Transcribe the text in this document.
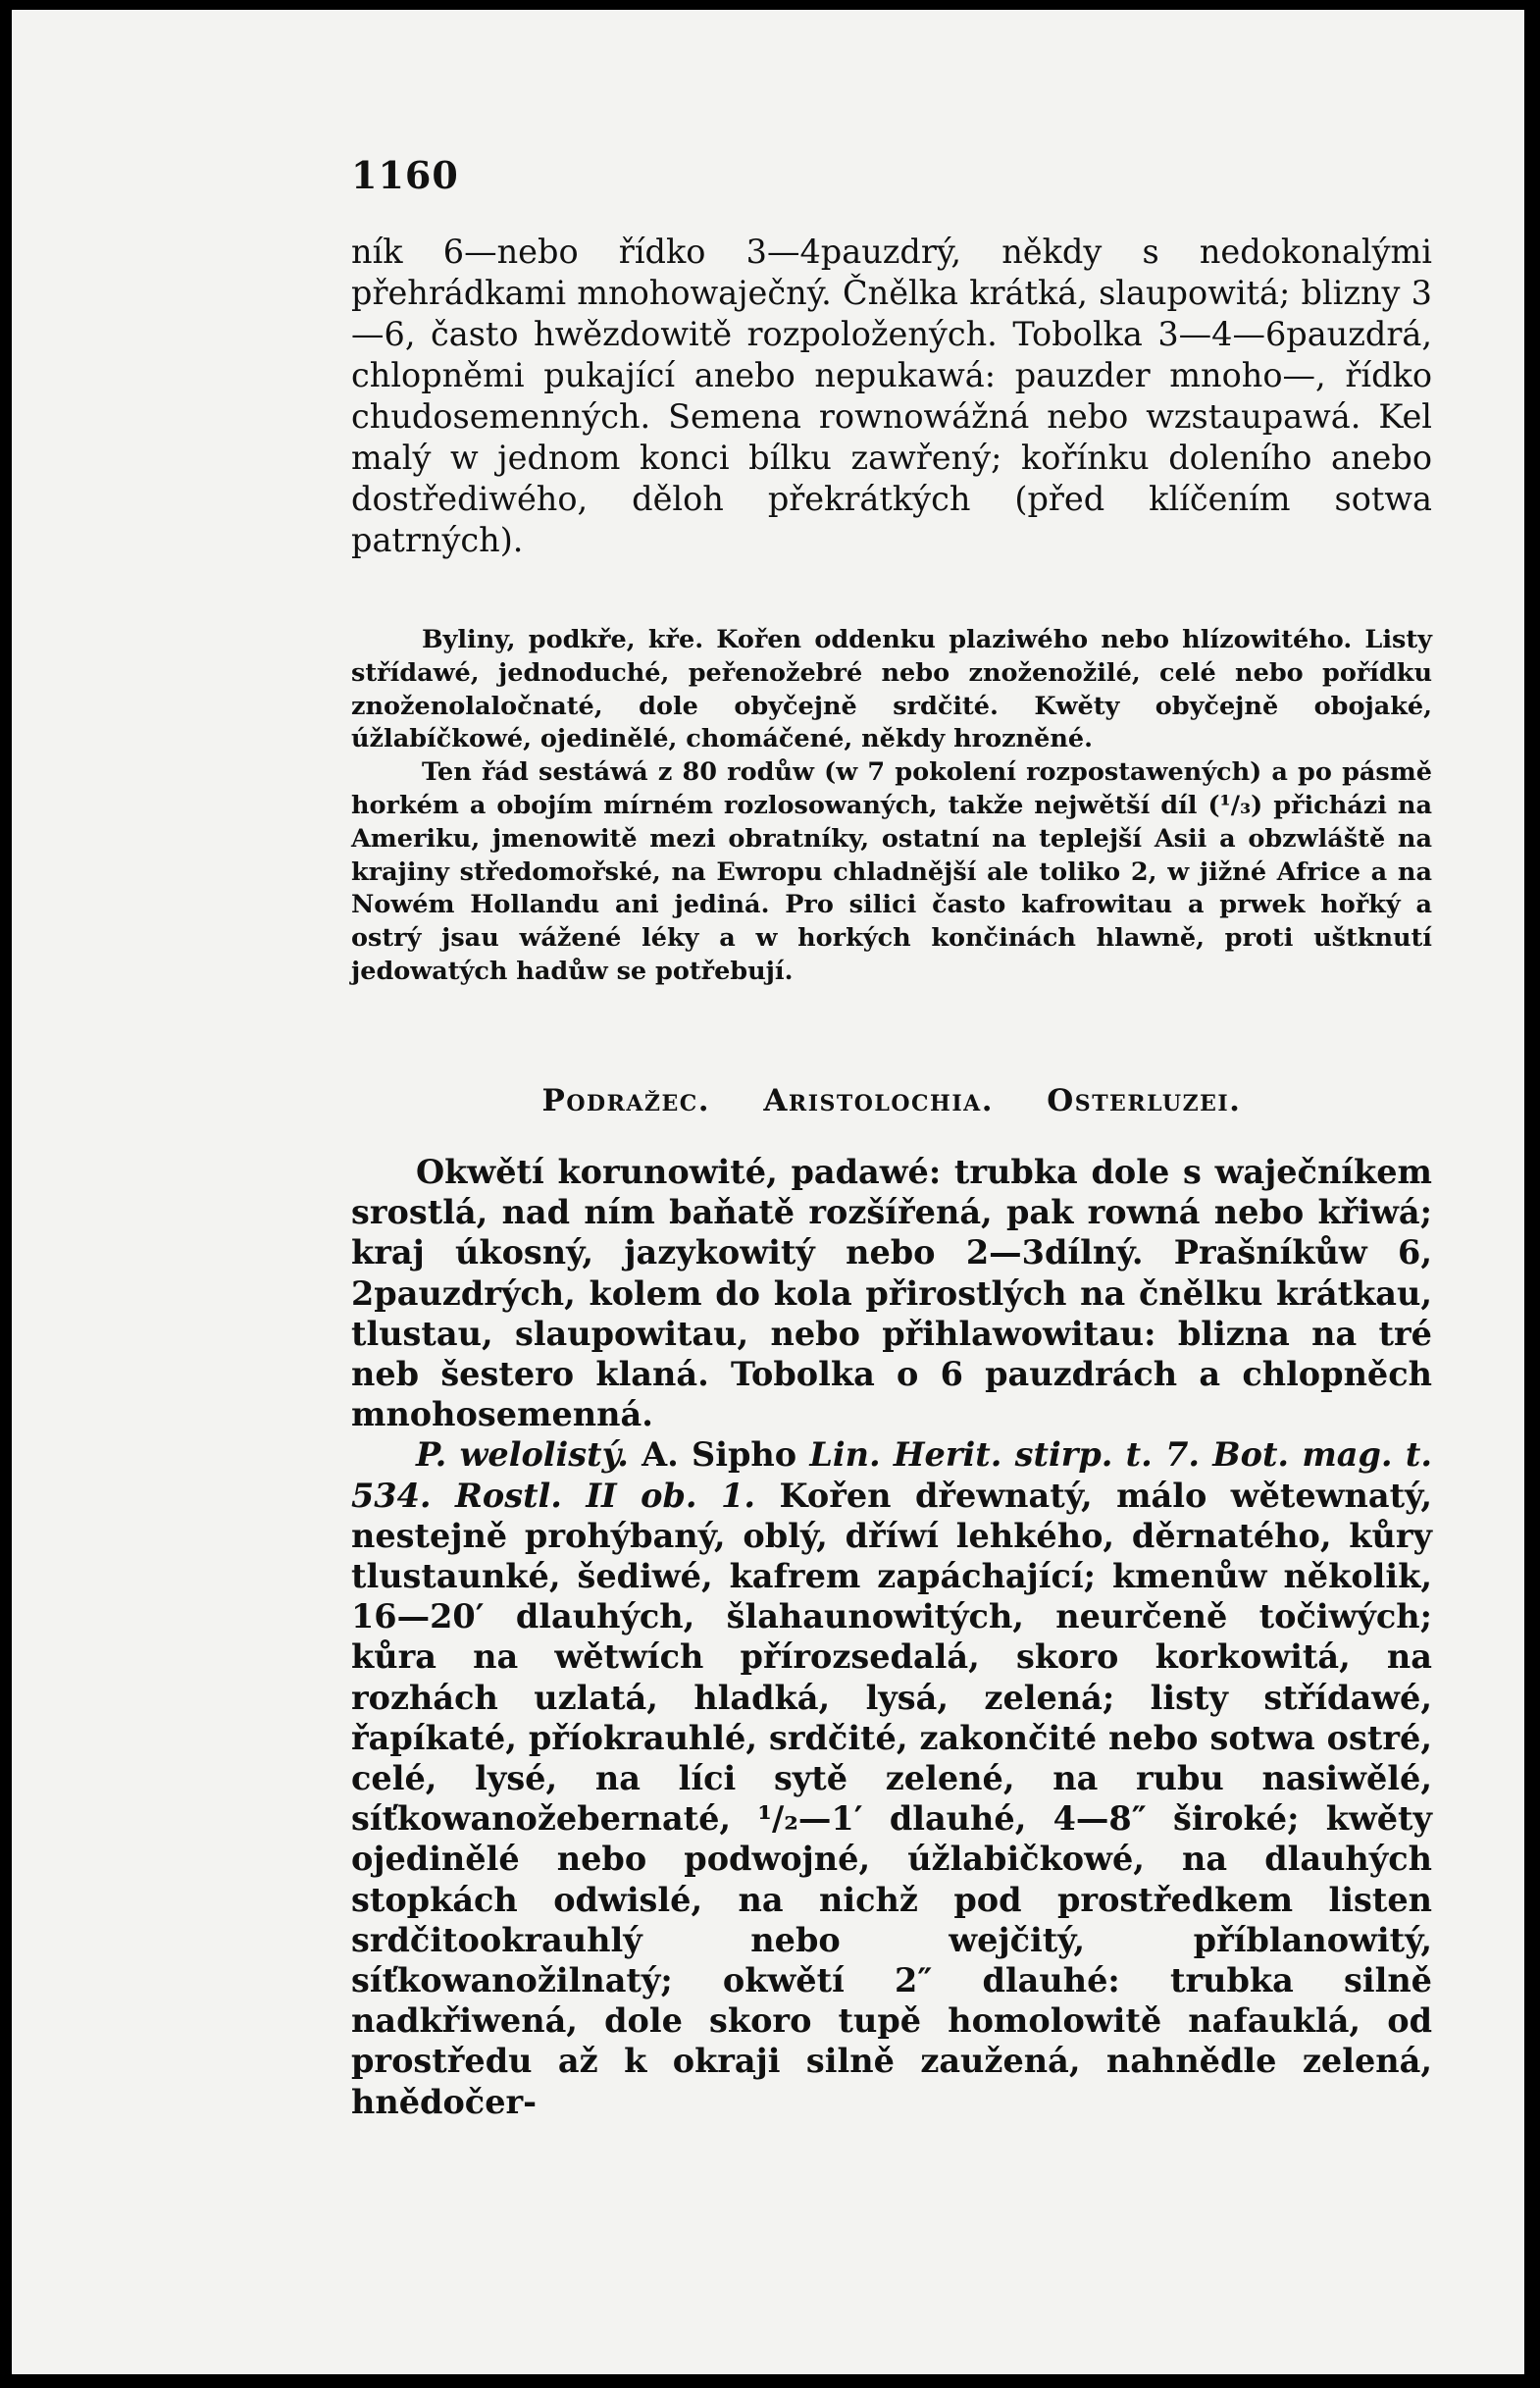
1160
ník 6—nebo řídko 3—4pauzdrý, někdy s nedokonalými přehrádkami mnohowaječný. Čnělka krátká, slaupowitá; blizny 3—6, často hwězdowitě rozpoložených. Tobolka 3—4—6pauzdrá, chlopněmi pukající anebo nepukawá: pauzder mnoho—, řídko chudosemenných. Semena rownowážná nebo wzstaupawá. Kel malý w jednom konci bílku zawřený; kořínku doleního anebo dostřediwého, děloh překrátkých (před klíčením sotwa patrných).

Byliny, podkře, kře. Kořen oddenku plaziwého nebo hlízowitého. Listy střídawé, jednoduché, peřenožebré nebo znoženožilé, celé nebo pořídku znoženolaločnaté, dole obyčejně srdčité. Kwěty obyčejně obojaké, úžlabíčkowé, ojedinělé, chomáčené, někdy hrozněné.

Ten řád sestáwá z 80 rodůw (w 7 pokolení rozpostawených) a po pásmě horkém a obojím mírném rozlosowaných, takže nejwětší díl (¹/₃) přicházi na Ameriku, jmenowitě mezi obratníky, ostatní na teplejší Asii a obzwláště na krajiny středomořské, na Ewropu chladnější ale toliko 2, w jižné Africe a na Nowém Hollandu ani jediná. Pro silici často kafrowitau a prwek hořký a ostrý jsau wážené léky a w horkých končinách hlawně, proti uštknutí jedowatých hadůw se potřebují.

Podražec. Aristolochia. Osterluzei.

Okwětí korunowité, padawé: trubka dole s waječníkem srostlá, nad ním baňatě rozšířená, pak rowná nebo křiwá; kraj úkosný, jazykowitý nebo 2—3dílný. Prašníkůw 6, 2pauzdrých, kolem do kola přirostlých na čnělku krátkau, tlustau, slaupowitau, nebo přihlawowitau: blizna na tré neb šestero klaná. Tobolka o 6 pauzdrách a chlopněch mnohosemenná.

P. welolistý. A. Sipho Lin. Herit. stirp. t. 7. Bot. mag. t. 534. Rostl. II ob. 1. Kořen dřewnatý, málo wětewnatý, nestejně prohýbaný, oblý, dříwí lehkého, děrnatého, kůry tlustaunké, šediwé, kafrem zapáchající; kmenůw několik, 16—20′ dlauhých, šlahaunowitých, neurčeně točiwých; kůra na wětwích přírozsedalá, skoro korkowitá, na rozhách uzlatá, hladká, lysá, zelená; listy střídawé, řapíkaté, příokrauhlé, srdčité, zakončité nebo sotwa ostré, celé, lysé, na líci sytě zelené, na rubu nasiwělé, síťkowanožebernaté, ¹/₂—1′ dlauhé, 4—8″ široké; kwěty ojedinělé nebo podwojné, úžlabičkowé, na dlauhých stopkách odwislé, na nichž pod prostředkem listen srdčitookrauhlý nebo wejčitý, příblanowitý, síťkowanožilnatý; okwětí 2″ dlauhé: trubka silně nadkřiwená, dole skoro tupě homolowitě nafauklá, od prostředu až k okraji silně zaužená, nahnědle zelená, hnědočer-
